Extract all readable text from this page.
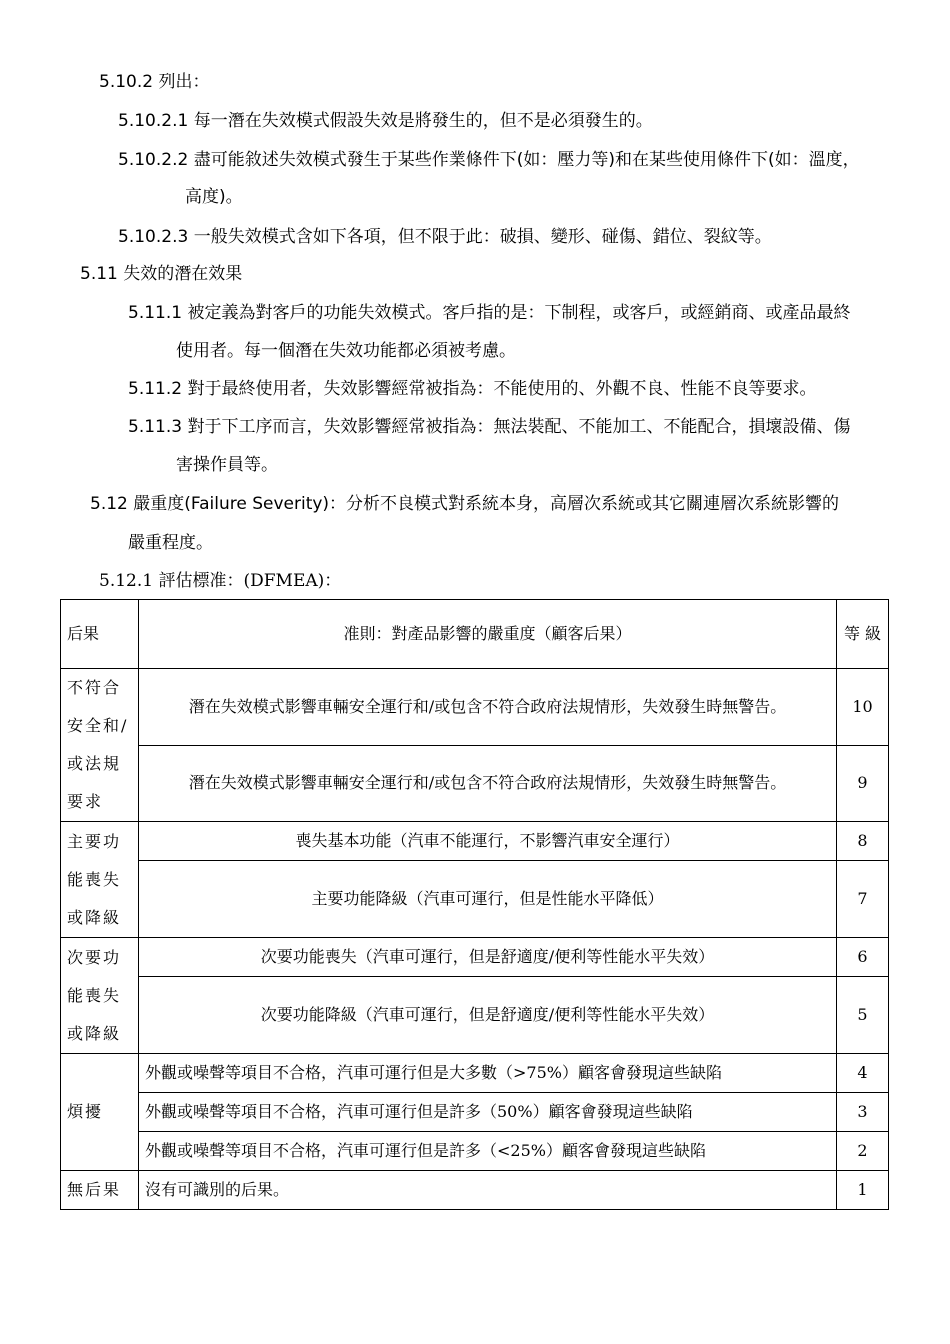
5.10.2 列出：
5.10.2.1 每一潛在失效模式假設失效是將發生的，但不是必須發生的。
5.10.2.2 盡可能敘述失效模式發生于某些作業條件下(如：壓力等)和在某些使用條件下(如：溫度，
高度)。
5.10.2.3 一般失效模式含如下各項，但不限于此：破損、變形、碰傷、錯位、裂紋等。
5.11 失效的潛在效果
5.11.1 被定義為對客戶的功能失效模式。客戶指的是：下制程，或客戶，或經銷商、或產品最終
使用者。每一個潛在失效功能都必須被考慮。
5.11.2 對于最終使用者，失效影響經常被指為：不能使用的、外觀不良、性能不良等要求。
5.11.3 對于下工序而言，失效影響經常被指為：無法裝配、不能加工、不能配合，損壞設備、傷
害操作員等。
5.12 嚴重度(Failure Severity)：分析不良模式對系統本身，高層次系統或其它關連層次系統影響的
嚴重程度。
5.12.1 評估標准：(DFMEA)：
后果	准則：對產品影響的嚴重度（顧客后果）	等 級
不符合安全和/或法規要求	潛在失效模式影響車輛安全運行和/或包含不符合政府法規情形，失效發生時無警告。	10
	潛在失效模式影響車輛安全運行和/或包含不符合政府法規情形，失效發生時無警告。	9
主要功能喪失或降級	喪失基本功能（汽車不能運行，不影響汽車安全運行）	8
	主要功能降級（汽車可運行，但是性能水平降低）	7
次要功能喪失或降級	次要功能喪失（汽車可運行，但是舒適度/便利等性能水平失效）	6
	次要功能降級（汽車可運行，但是舒適度/便利等性能水平失效）	5
煩擾	外觀或噪聲等項目不合格，汽車可運行但是大多數（>75%）顧客會發現這些缺陷	4
	外觀或噪聲等項目不合格，汽車可運行但是許多（50%）顧客會發現這些缺陷	3
	外觀或噪聲等項目不合格，汽車可運行但是許多（<25%）顧客會發現這些缺陷	2
無后果	沒有可識別的后果。	1
